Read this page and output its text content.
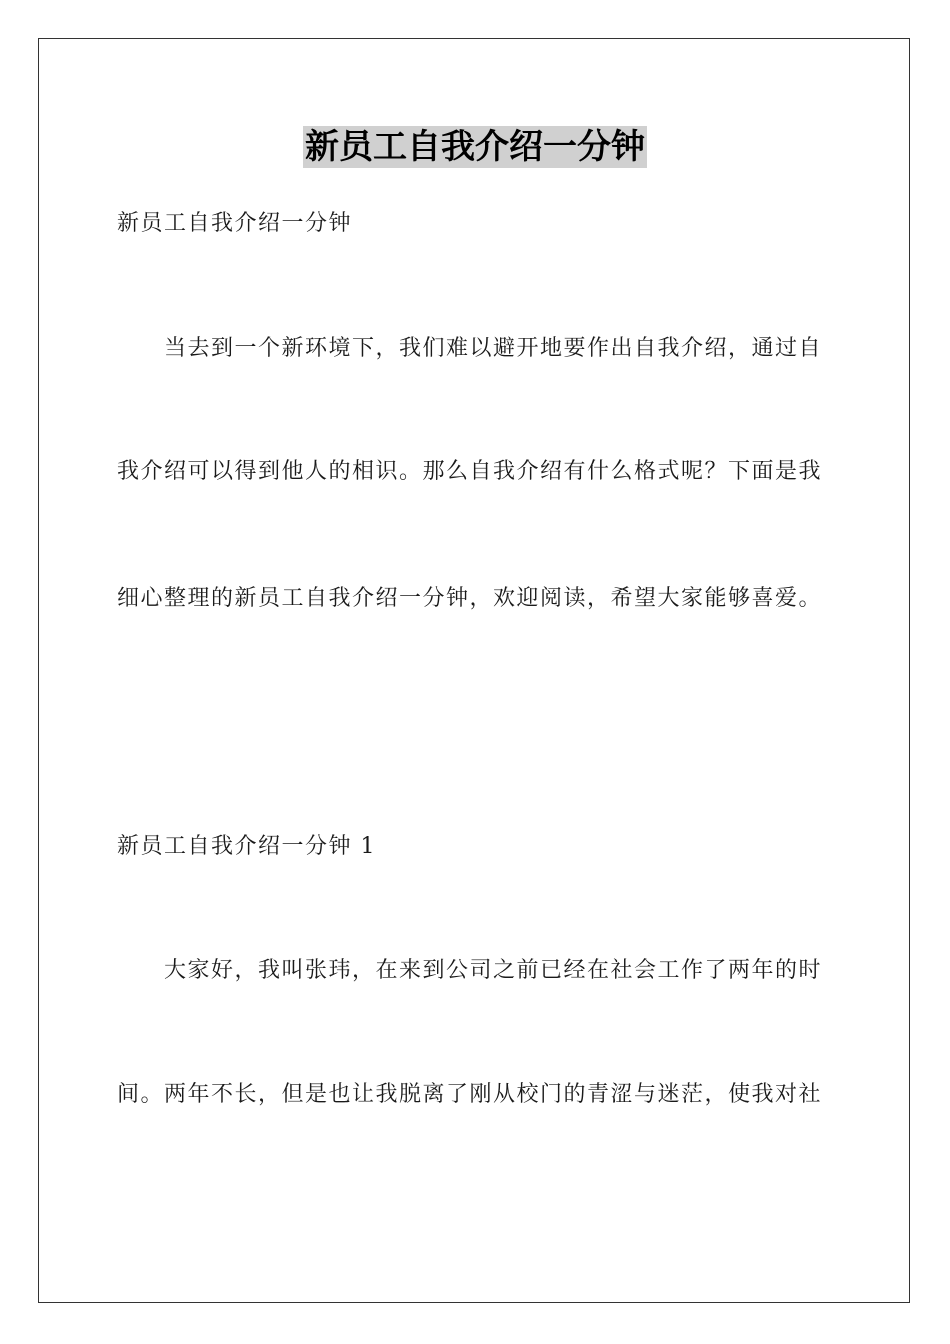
新员工自我介绍一分钟
新员工自我介绍一分钟
当去到一个新环境下，我们难以避开地要作出自我介绍，通过自
我介绍可以得到他人的相识。那么自我介绍有什么格式呢？下面是我
细心整理的新员工自我介绍一分钟，欢迎阅读，希望大家能够喜爱。
新员工自我介绍一分钟 1
大家好，我叫张玮，在来到公司之前已经在社会工作了两年的时
间。两年不长，但是也让我脱离了刚从校门的青涩与迷茫，使我对社
